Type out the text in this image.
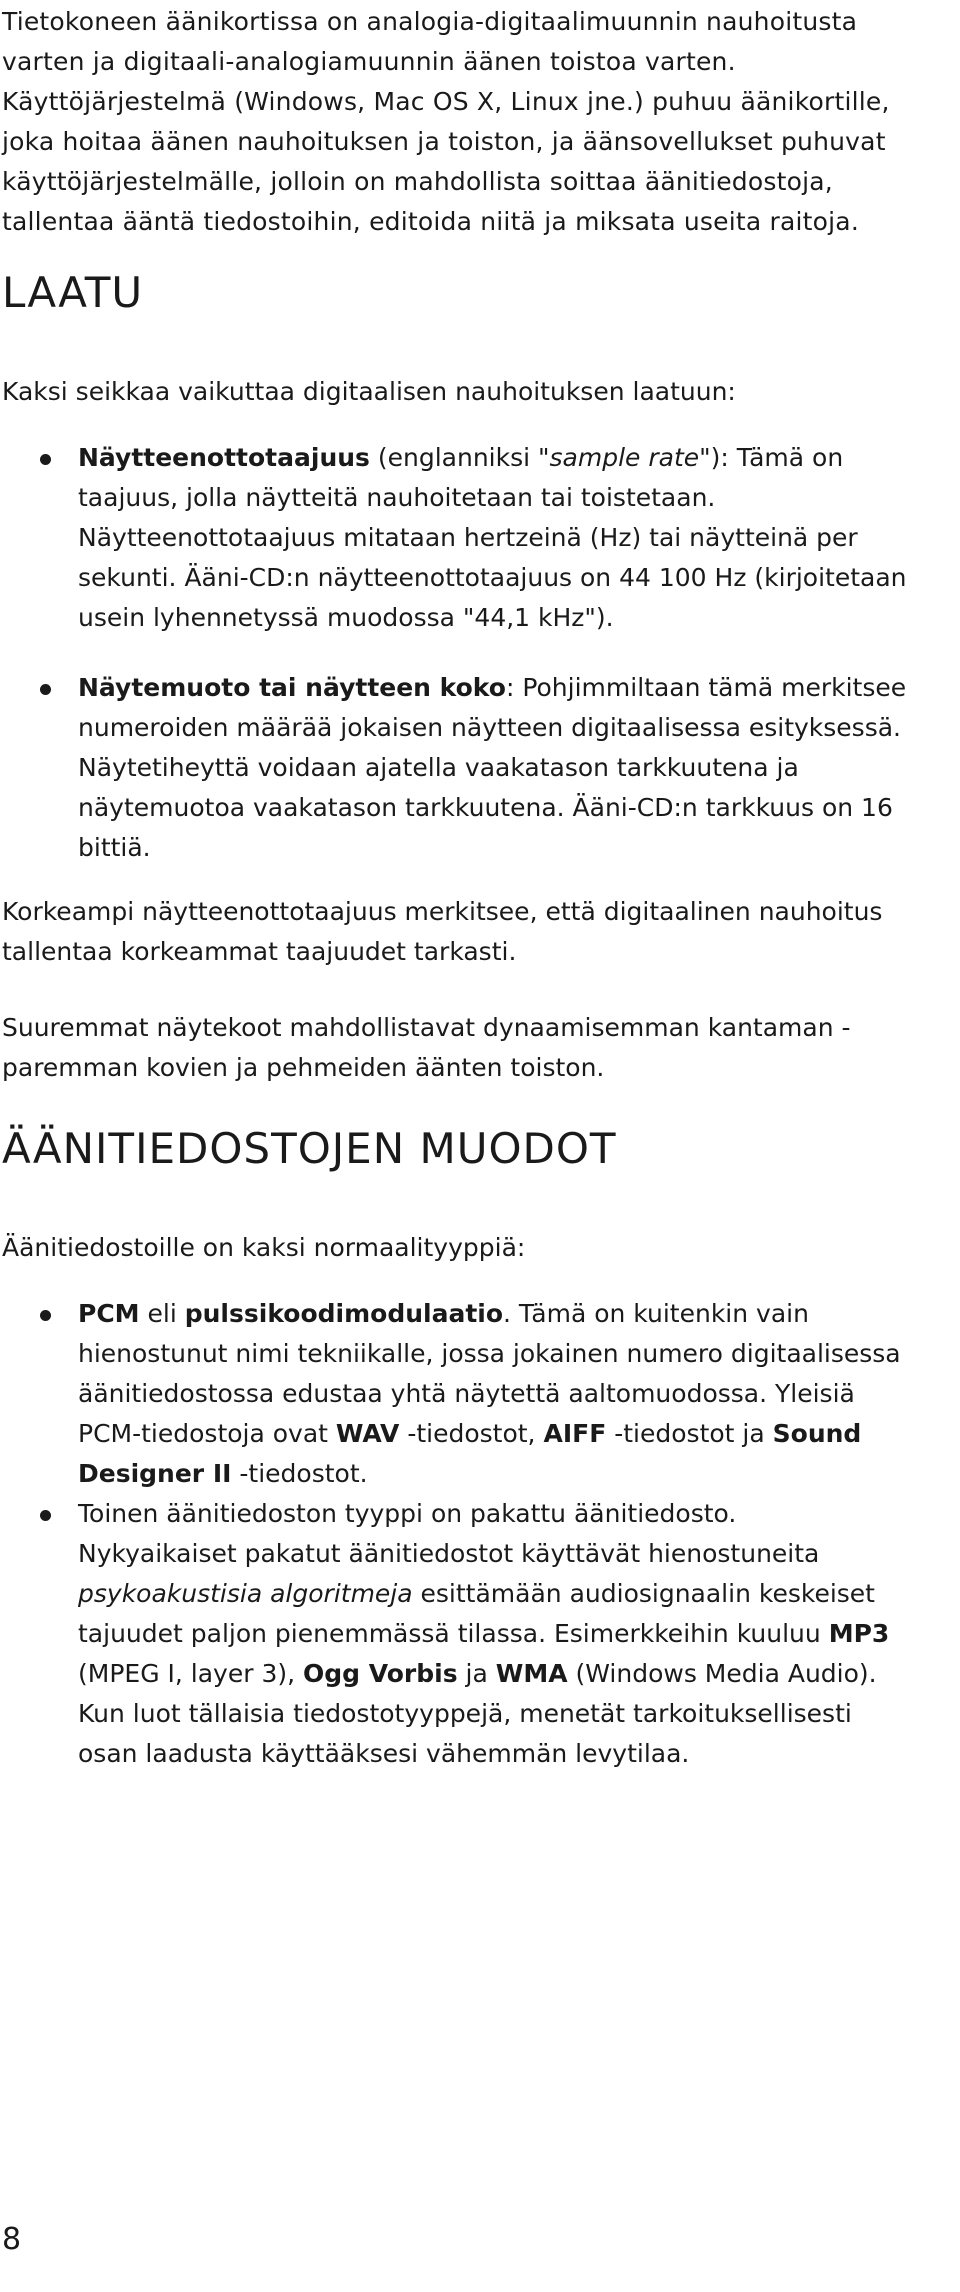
Tietokoneen äänikortissa on analogia-digitaalimuunnin nauhoitusta
varten ja digitaali-analogiamuunnin äänen toistoa varten.
Käyttöjärjestelmä (Windows, Mac OS X, Linux jne.) puhuu äänikortille,
joka hoitaa äänen nauhoituksen ja toiston, ja äänsovellukset puhuvat
käyttöjärjestelmälle, jolloin on mahdollista soittaa äänitiedostoja,
tallentaa ääntä tiedostoihin, editoida niitä ja miksata useita raitoja.

LAATU

Kaksi seikkaa vaikuttaa digitaalisen nauhoituksen laatuun:

Näytteenottotaajuus (englanniksi "sample rate"): Tämä on
taajuus, jolla näytteitä nauhoitetaan tai toistetaan.
Näytteenottotaajuus mitataan hertzeinä (Hz) tai näytteinä per
sekunti. Ääni-CD:n näytteenottotaajuus on 44 100 Hz (kirjoitetaan
usein lyhennetyssä muodossa "44,1 kHz").
Näytemuoto tai näytteen koko: Pohjimmiltaan tämä merkitsee
numeroiden määrää jokaisen näytteen digitaalisessa esityksessä.
Näytetiheyttä voidaan ajatella vaakatason tarkkuutena ja
näytemuotoa vaakatason tarkkuutena. Ääni-CD:n tarkkuus on 16
bittiä.

Korkeampi näytteenottotaajuus merkitsee, että digitaalinen nauhoitus
tallentaa korkeammat taajuudet tarkasti.

Suuremmat näytekoot mahdollistavat dynaamisemman kantaman -
paremman kovien ja pehmeiden äänten toiston.

ÄÄNITIEDOSTOJEN MUODOT

Äänitiedostoille on kaksi normaalityyppiä:

PCM eli pulssikoodimodulaatio. Tämä on kuitenkin vain
hienostunut nimi tekniikalle, jossa jokainen numero digitaalisessa
äänitiedostossa edustaa yhtä näytettä aaltomuodossa. Yleisiä
PCM-tiedostoja ovat WAV -tiedostot, AIFF -tiedostot ja Sound
Designer II -tiedostot.
Toinen äänitiedoston tyyppi on pakattu äänitiedosto.
Nykyaikaiset pakatut äänitiedostot käyttävät hienostuneita
psykoakustisia algoritmeja esittämään audiosignaalin keskeiset
tajuudet paljon pienemmässä tilassa. Esimerkkeihin kuuluu MP3
(MPEG I, layer 3), Ogg Vorbis ja WMA (Windows Media Audio).
Kun luot tällaisia tiedostotyyppejä, menetät tarkoituksellisesti
osan laadusta käyttääksesi vähemmän levytilaa.
8
